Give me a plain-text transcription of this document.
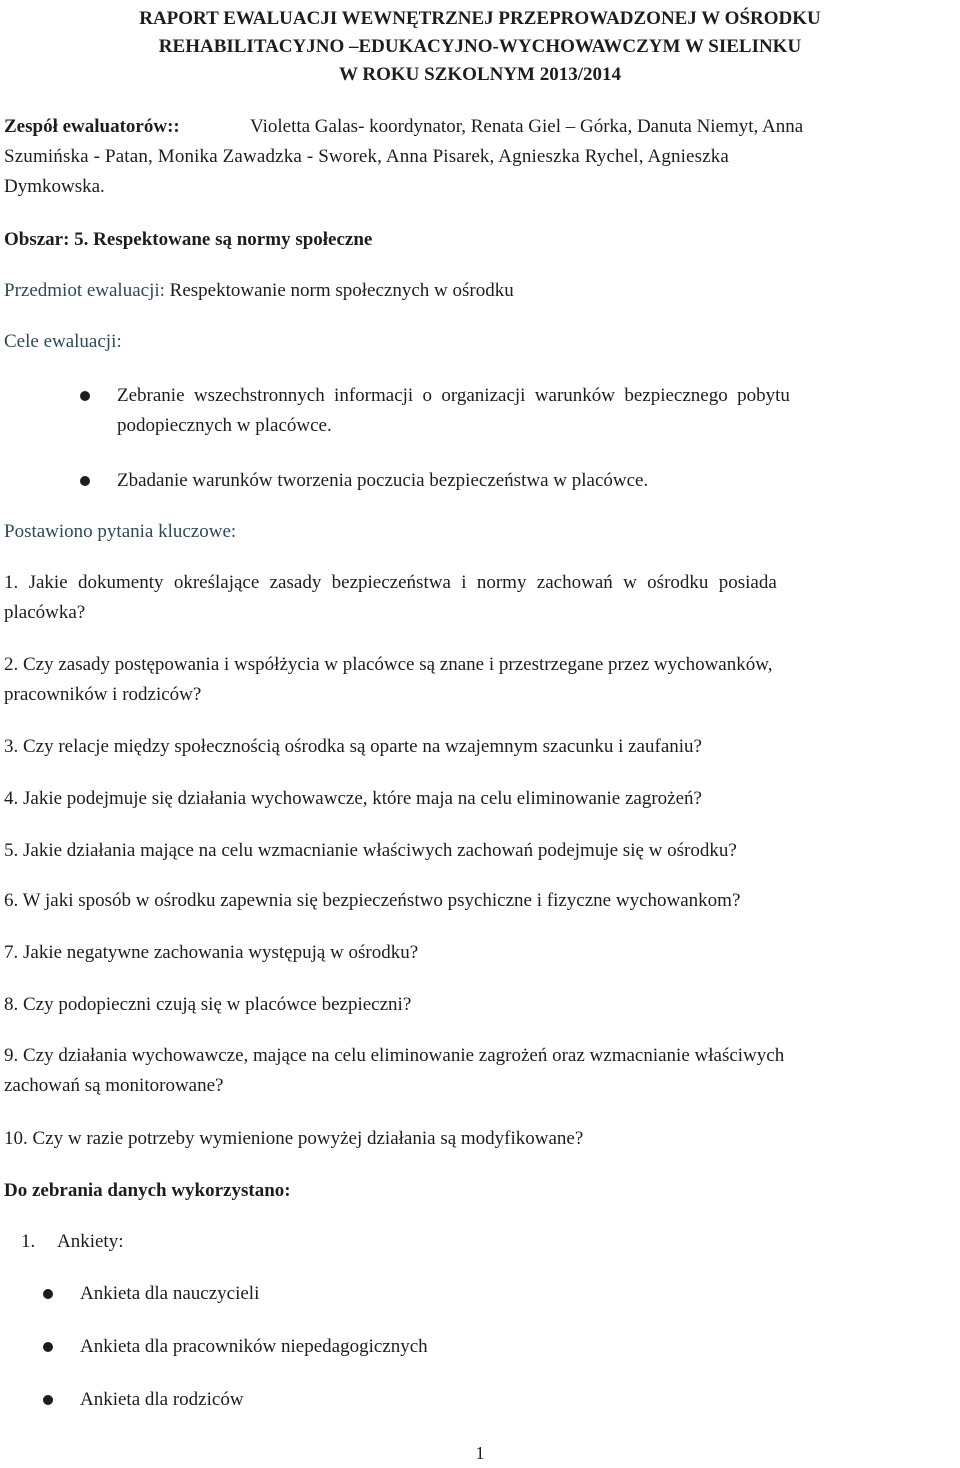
RAPORT EWALUACJI WEWNĘTRZNEJ PRZEPROWADZONEJ W OŚRODKU
REHABILITACYJNO –EDUKACYJNO-WYCHOWAWCZYM W SIELINKU
W ROKU SZKOLNYM 2013/2014
Zespół ewaluatorów::	Violetta Galas- koordynator, Renata Giel – Górka, Danuta Niemyt, Anna
Szumińska - Patan, Monika Zawadzka - Sworek, Anna Pisarek, Agnieszka Rychel, Agnieszka
Dymkowska.
Obszar: 5. Respektowane są normy społeczne
Przedmiot ewaluacji: Respektowanie norm społecznych w ośrodku
Cele ewaluacji:
Zebranie wszechstronnych informacji o organizacji warunków bezpiecznego pobytu
podopiecznych w placówce.
Zbadanie warunków tworzenia poczucia bezpieczeństwa w placówce.
Postawiono pytania kluczowe:
1. Jakie dokumenty określające zasady bezpieczeństwa i normy zachowań w ośrodku posiada
placówka?
2. Czy zasady postępowania i współżycia w placówce są znane i przestrzegane przez wychowanków,
pracowników i rodziców?
3. Czy relacje między społecznością ośrodka są oparte na wzajemnym szacunku i zaufaniu?
4. Jakie podejmuje się działania wychowawcze, które maja na celu eliminowanie zagrożeń?
5. Jakie działania mające na celu wzmacnianie właściwych zachowań podejmuje się w ośrodku?
6. W jaki sposób w ośrodku zapewnia się bezpieczeństwo psychiczne i fizyczne wychowankom?
7. Jakie negatywne zachowania występują w ośrodku?
8. Czy podopieczni czują się w placówce bezpieczni?
9. Czy działania wychowawcze, mające na celu eliminowanie zagrożeń oraz wzmacnianie właściwych
zachowań są monitorowane?
10. Czy w razie potrzeby wymienione powyżej działania są modyfikowane?
Do zebrania danych wykorzystano:
1. Ankiety:
Ankieta dla nauczycieli
Ankieta dla pracowników niepedagogicznych
Ankieta dla rodziców
1
